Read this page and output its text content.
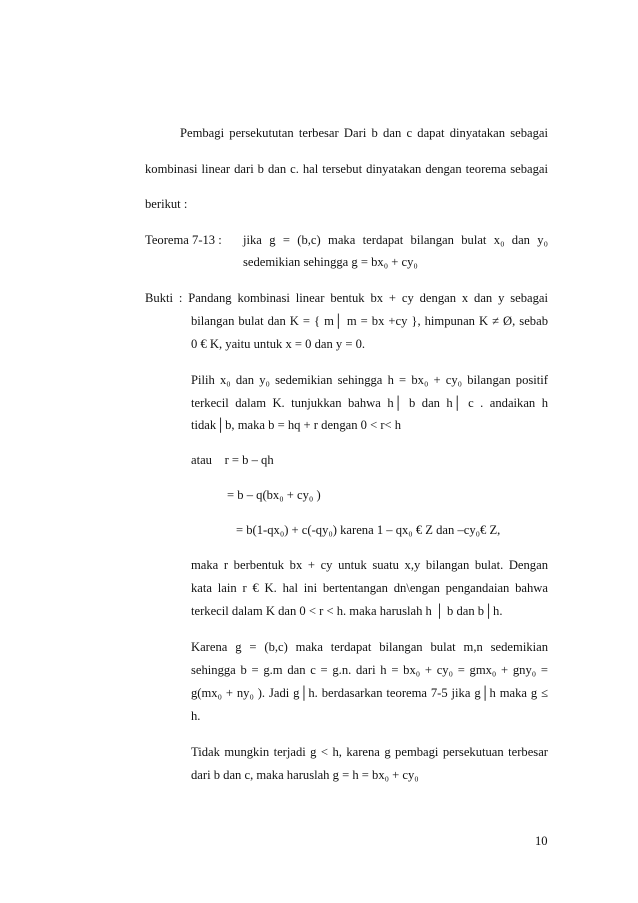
Pembagi persekututan terbesar Dari b dan c dapat dinyatakan sebagai
kombinasi linear dari b dan c. hal tersebut dinyatakan dengan teorema sebagai
berikut :
Teorema 7-13 : jika g = (b,c) maka terdapat bilangan bulat x₀ dan y₀
sedemikian sehingga g = bx₀ + cy₀
Bukti : Pandang kombinasi linear bentuk bx + cy dengan x dan y sebagai
bilangan bulat dan K = { m│ m = bx +cy }, himpunan K ≠ Ø, sebab
0 € K, yaitu untuk x = 0 dan y = 0.
Pilih x₀ dan y₀ sedemikian sehingga h = bx₀ + cy₀ bilangan positif
terkecil dalam K. tunjukkan bahwa h│ b dan h│ c . andaikan h
tidak│b, maka b = hq + r dengan 0 < r< h
atau    r = b – qh
= b – q(bx₀ + cy₀ )
= b(1-qx₀) + c(-qy₀) karena 1 – qx₀ € Z dan –cy₀€ Z,
maka r berbentuk bx + cy untuk suatu x,y bilangan bulat. Dengan
kata lain r € K. hal ini bertentangan dn\engan pengandaian bahwa
terkecil dalam K dan 0 < r < h. maka haruslah h │ b dan b│h.
Karena g = (b,c) maka terdapat bilangan bulat m,n sedemikian
sehingga b = g.m dan c = g.n. dari h = bx₀ + cy₀ = gmx₀ + gny₀ =
g(mx₀ + ny₀ ). Jadi g│h. berdasarkan teorema 7-5 jika g│h maka g ≤
h.
Tidak mungkin terjadi g < h, karena g pembagi persekutuan terbesar
dari b dan c, maka haruslah g = h = bx₀ + cy₀
10
